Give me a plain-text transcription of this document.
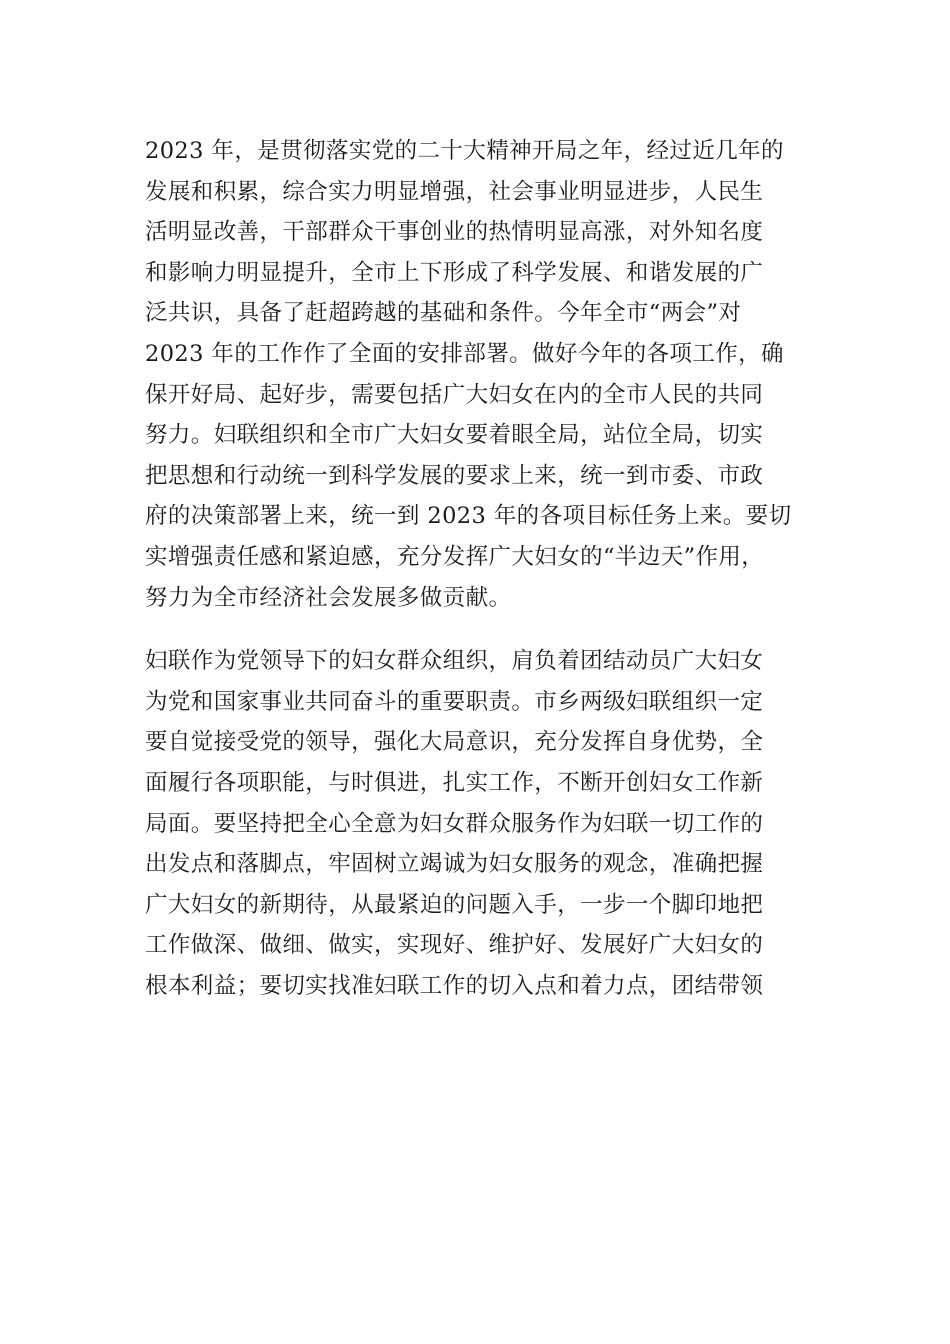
2023 年，是贯彻落实党的二十大精神开局之年，经过近几年的
发展和积累，综合实力明显增强，社会事业明显进步，人民生
活明显改善，干部群众干事创业的热情明显高涨，对外知名度
和影响力明显提升，全市上下形成了科学发展、和谐发展的广
泛共识，具备了赶超跨越的基础和条件。今年全市“两会”对
2023 年的工作作了全面的安排部署。做好今年的各项工作，确
保开好局、起好步，需要包括广大妇女在内的全市人民的共同
努力。妇联组织和全市广大妇女要着眼全局，站位全局，切实
把思想和行动统一到科学发展的要求上来，统一到市委、市政
府的决策部署上来，统一到 2023 年的各项目标任务上来。要切
实增强责任感和紧迫感，充分发挥广大妇女的“半边天”作用，
努力为全市经济社会发展多做贡献。

妇联作为党领导下的妇女群众组织，肩负着团结动员广大妇女
为党和国家事业共同奋斗的重要职责。市乡两级妇联组织一定
要自觉接受党的领导，强化大局意识，充分发挥自身优势，全
面履行各项职能，与时俱进，扎实工作，不断开创妇女工作新
局面。要坚持把全心全意为妇女群众服务作为妇联一切工作的
出发点和落脚点，牢固树立竭诚为妇女服务的观念，准确把握
广大妇女的新期待，从最紧迫的问题入手，一步一个脚印地把
工作做深、做细、做实，实现好、维护好、发展好广大妇女的
根本利益；要切实找准妇联工作的切入点和着力点，团结带领
